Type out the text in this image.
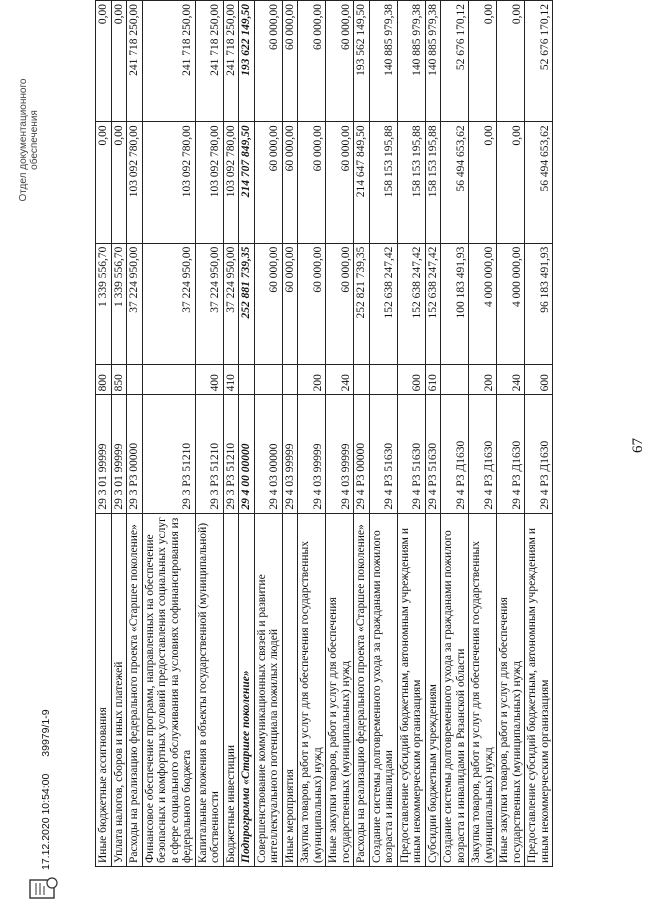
67
Иные бюджетные ассигнования	29 3 01 99999	800	1 339 556,70	0,00	0,00
Уплата налогов, сборов и иных платежей	29 3 01 99999	850	1 339 556,70	0,00	0,00
Расходы на реализацию федерального проекта «Старшее поколение»	29 3 P3 00000		37 224 950,00	103 092 780,00	241 718 250,00
Финансовое обеспечение программ, направленных на обеспечение безопасных и комфортных условий предоставления социальных услуг в сфере социального обслуживания на условиях софинансирования из федерального бюджета	29 3 P3 51210		37 224 950,00	103 092 780,00	241 718 250,00
Капитальные вложения в объекты государственной (муниципальной) собственности	29 3 P3 51210	400	37 224 950,00	103 092 780,00	241 718 250,00
Бюджетные инвестиции	29 3 P3 51210	410	37 224 950,00	103 092 780,00	241 718 250,00
Подпрограмма «Старшее поколение»	29 4 00 00000		252 881 739,35	214 707 849,50	193 622 149,50
Совершенствование коммуникационных связей и развитие интеллектуального потенциала пожилых людей	29 4 03 00000		60 000,00	60 000,00	60 000,00
Иные мероприятия	29 4 03 99999		60 000,00	60 000,00	60 000,00
Закупка товаров, работ и услуг для обеспечения государственных (муниципальных) нужд	29 4 03 99999	200	60 000,00	60 000,00	60 000,00
Иные закупки товаров, работ и услуг для обеспечения государственных (муниципальных) нужд	29 4 03 99999	240	60 000,00	60 000,00	60 000,00
Расходы на реализацию федерального проекта «Старшее поколение»	29 4 P3 00000		252 821 739,35	214 647 849,50	193 562 149,50
Создание системы долговременного ухода за гражданами пожилого возраста и инвалидами	29 4 P3 51630		152 638 247,42	158 153 195,88	140 885 979,38
Предоставление субсидий бюджетным, автономным учреждениям и иным некоммерческим организациям	29 4 P3 51630	600	152 638 247,42	158 153 195,88	140 885 979,38
Субсидии бюджетным учреждениям	29 4 P3 51630	610	152 638 247,42	158 153 195,88	140 885 979,38
Создание системы долговременного ухода за гражданами пожилого возраста и инвалидами в Рязанской области	29 4 P3 Д1630		100 183 491,93	56 494 653,62	52 676 170,12
Закупка товаров, работ и услуг для обеспечения государственных (муниципальных) нужд	29 4 P3 Д1630	200	4 000 000,00	0,00	0,00
Иные закупки товаров, работ и услуг для обеспечения государственных (муниципальных) нужд	29 4 P3 Д1630	240	4 000 000,00	0,00	0,00
Предоставление субсидий бюджетным, автономным учреждениям и иным некоммерческим организациям	29 4 P3 Д1630	600	96 183 491,93	56 494 653,62	52 676 170,12
17.12.2020 10:54:00 39979/1-9
Отдел документационного обеспечения
